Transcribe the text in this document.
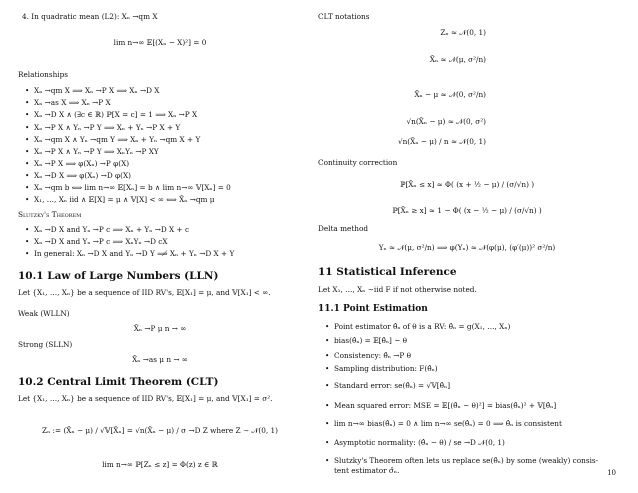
4. In quadratic mean (L2): Xₙ →qm X
lim n→∞ 𝔼[(Xₙ − X)²] = 0
Relationships
• Xₙ →qm X ⟹ Xₙ →P X ⟹ Xₙ →D X
• Xₙ →as X ⟹ Xₙ →P X
• Xₙ →D X ∧ (∃c ∈ ℝ) ℙ[X = c] = 1 ⟹ Xₙ →P X
• Xₙ →P X ∧ Yₙ →P Y ⟹ Xₙ + Yₙ →P X + Y
• Xₙ →qm X ∧ Yₙ →qm Y ⟹ Xₙ + Yₙ →qm X + Y
• Xₙ →P X ∧ Yₙ →P Y ⟹ XₙYₙ →P XY
• Xₙ →P X ⟹ φ(Xₙ) →P φ(X)
• Xₙ →D X ⟹ φ(Xₙ) →D φ(X)
• Xₙ →qm b ⟺ lim n→∞ 𝔼[Xₙ] = b ∧ lim n→∞ 𝕍[Xₙ] = 0
• X₁, …, Xₙ iid ∧ 𝔼[X] = μ ∧ 𝕍[X] < ∞ ⟺ X̄ₙ →qm μ
Slutzky's Theorem
• Xₙ →D X and Yₙ →P c ⟹ Xₙ + Yₙ →D X + c
• Xₙ →D X and Yₙ →P c ⟹ XₙYₙ →D cX
• In general: Xₙ →D X and Yₙ →D Y ⟹̸ Xₙ + Yₙ →D X + Y
10.1 Law of Large Numbers (LLN)
Let {X₁, …, Xₙ} be a sequence of IID RV's, 𝔼[X₁] = μ, and 𝕍[X₁] < ∞.
Weak (WLLN)
X̄ₙ →P μ n → ∞
Strong (SLLN)
X̄ₙ →as μ n → ∞
10.2 Central Limit Theorem (CLT)
Let {X₁, …, Xₙ} be a sequence of IID RV's, 𝔼[X₁] = μ, and 𝕍[X₁] = σ².
Zₙ := (X̄ₙ − μ) / √𝕍[X̄ₙ] = √n(X̄ₙ − μ) / σ →D Z where Z ∼ 𝒩(0, 1)
lim n→∞ ℙ[Zₙ ≤ z] = Φ(z) z ∈ ℝ
CLT notations
Zₙ ≈ 𝒩(0, 1)
X̄ₙ ≈ 𝒩(μ, σ²/n)
X̄ₙ − μ ≈ 𝒩(0, σ²/n)
√n(X̄ₙ − μ) ≈ 𝒩(0, σ²)
√n(X̄ₙ − μ) / n ≈ 𝒩(0, 1)
Continuity correction
ℙ[X̄ₙ ≤ x] ≈ Φ( (x + ½ − μ) / (σ/√n) )
ℙ[X̄ₙ ≥ x] ≈ 1 − Φ( (x − ½ − μ) / (σ/√n) )
Delta method
Yₙ ≈ 𝒩(μ, σ²/n) ⟹ φ(Yₙ) ≈ 𝒩(φ(μ), (φ′(μ))² σ²/n)
11 Statistical Inference
Let X₁, …, Xₙ ∼iid F if not otherwise noted.
11.1 Point Estimation
• Point estimator θ̂ₙ of θ is a RV: θ̂ₙ = g(X₁, …, Xₙ)
• bias(θ̂ₙ) = 𝔼[θ̂ₙ] − θ
• Consistency: θ̂ₙ →P θ
• Sampling distribution: F(θ̂ₙ)
• Standard error: se(θ̂ₙ) = √𝕍[θ̂ₙ]
• Mean squared error: MSE = 𝔼[(θ̂ₙ − θ)²] = bias(θ̂ₙ)² + 𝕍[θ̂ₙ]
• lim n→∞ bias(θ̂ₙ) = 0 ∧ lim n→∞ se(θ̂ₙ) = 0 ⟹ θ̂ₙ is consistent
• Asymptotic normality: (θ̂ₙ − θ) / se →D 𝒩(0, 1)
• Slutzky's Theorem often lets us replace se(θ̂ₙ) by some (weakly) consis-
tent estimator σ̂ₙ.	10
